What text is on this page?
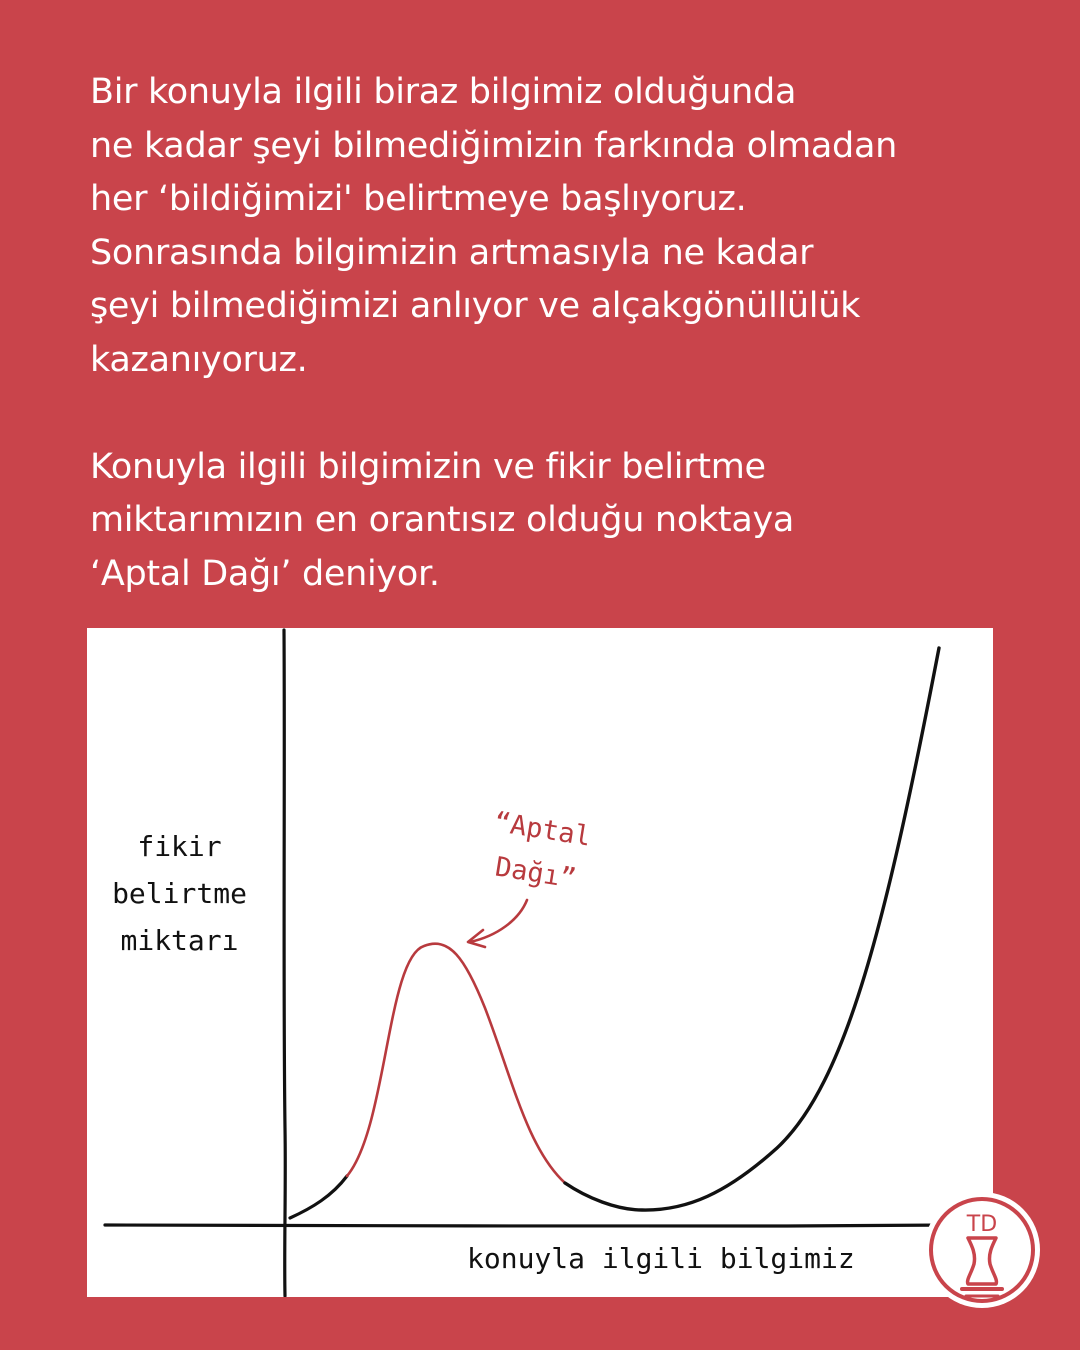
Bir konuyla ilgili biraz bilgimiz olduğunda
ne kadar şeyi bilmediğimizin farkında olmadan
her ‘bildiğimizi' belirtmeye başlıyoruz.
Sonrasında bilgimizin artmasıyla ne kadar
şeyi bilmediğimizi anlıyor ve alçakgönüllülük
kazanıyoruz.
Konuyla ilgili bilgimizin ve fikir belirtme
miktarımızın en orantısız olduğu noktaya
‘Aptal Dağı’ deniyor.
fikir
belirtme
miktarı
konuyla ilgili bilgimiz
“Aptal
Dağı”
TD
